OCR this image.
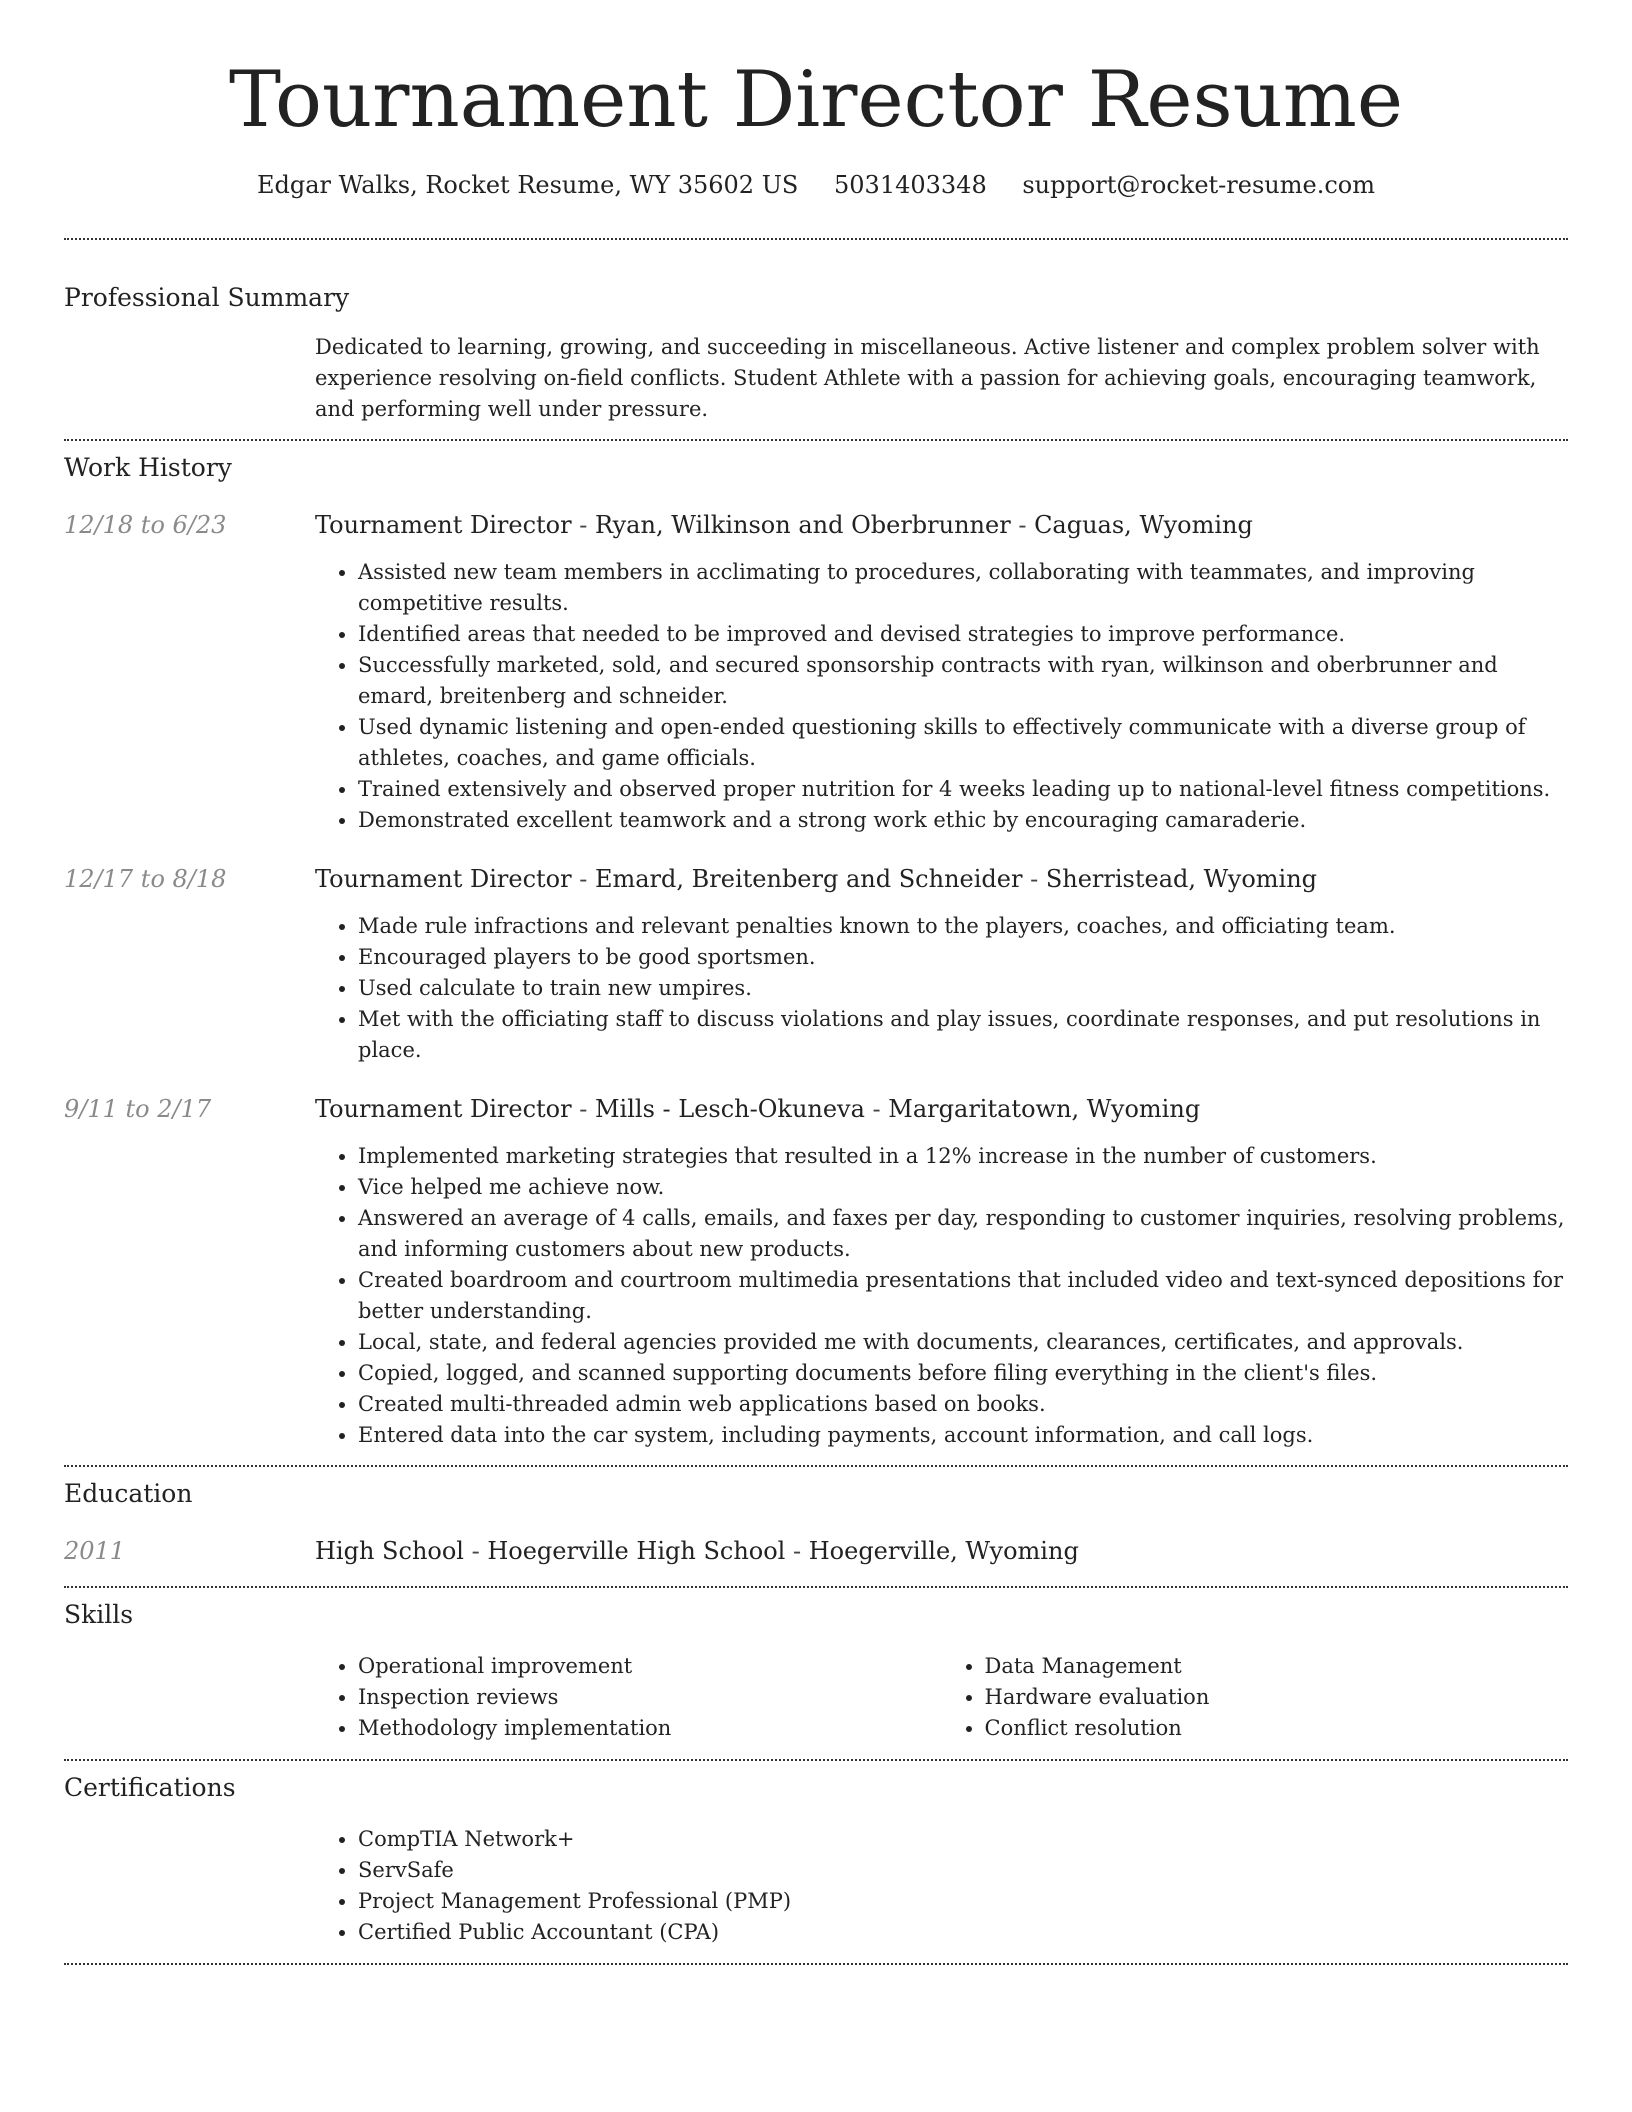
Tournament Director Resume
Edgar Walks, Rocket Resume, WY 35602 US 5031403348 support@rocket-resume.com
Professional Summary
Dedicated to learning, growing, and succeeding in miscellaneous. Active listener and complex problem solver with experience resolving on-field conflicts. Student Athlete with a passion for achieving goals, encouraging teamwork, and performing well under pressure.
Work History
12/18 to 6/23	Tournament Director - Ryan, Wilkinson and Oberbrunner - Caguas, Wyoming
• Assisted new team members in acclimating to procedures, collaborating with teammates, and improving competitive results.
• Identified areas that needed to be improved and devised strategies to improve performance.
• Successfully marketed, sold, and secured sponsorship contracts with ryan, wilkinson and oberbrunner and emard, breitenberg and schneider.
• Used dynamic listening and open-ended questioning skills to effectively communicate with a diverse group of athletes, coaches, and game officials.
• Trained extensively and observed proper nutrition for 4 weeks leading up to national-level fitness competitions.
• Demonstrated excellent teamwork and a strong work ethic by encouraging camaraderie.
12/17 to 8/18	Tournament Director - Emard, Breitenberg and Schneider - Sherristead, Wyoming
• Made rule infractions and relevant penalties known to the players, coaches, and officiating team.
• Encouraged players to be good sportsmen.
• Used calculate to train new umpires.
• Met with the officiating staff to discuss violations and play issues, coordinate responses, and put resolutions in place.
9/11 to 2/17	Tournament Director - Mills - Lesch-Okuneva - Margaritatown, Wyoming
• Implemented marketing strategies that resulted in a 12% increase in the number of customers.
• Vice helped me achieve now.
• Answered an average of 4 calls, emails, and faxes per day, responding to customer inquiries, resolving problems, and informing customers about new products.
• Created boardroom and courtroom multimedia presentations that included video and text-synced depositions for better understanding.
• Local, state, and federal agencies provided me with documents, clearances, certificates, and approvals.
• Copied, logged, and scanned supporting documents before filing everything in the client's files.
• Created multi-threaded admin web applications based on books.
• Entered data into the car system, including payments, account information, and call logs.
Education
2011	High School - Hoegerville High School - Hoegerville, Wyoming
Skills
• Operational improvement
• Inspection reviews
• Methodology implementation
• Data Management
• Hardware evaluation
• Conflict resolution
Certifications
• CompTIA Network+
• ServSafe
• Project Management Professional (PMP)
• Certified Public Accountant (CPA)
